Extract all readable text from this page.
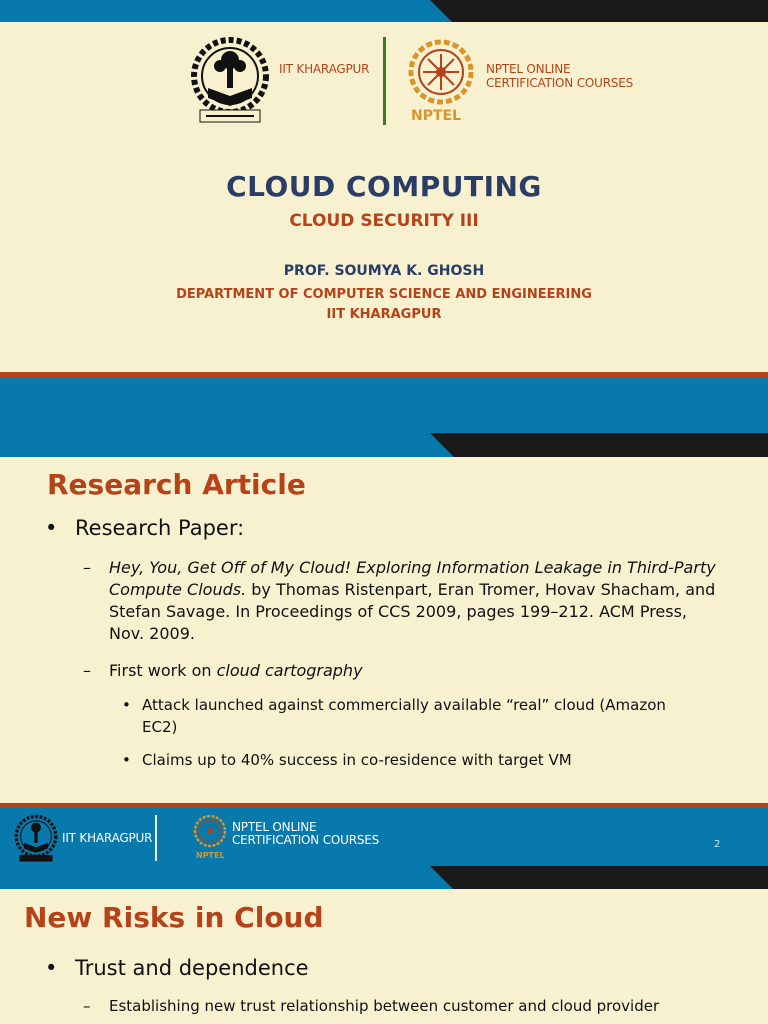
IIT KHARAGPUR
NPTEL
NPTEL ONLINE
CERTIFICATION COURSES
CLOUD COMPUTING
CLOUD SECURITY III
PROF. SOUMYA K. GHOSH
DEPARTMENT OF COMPUTER SCIENCE AND ENGINEERING
IIT KHARAGPUR
Research Article
• Research Paper:
– Hey, You, Get Off of My Cloud! Exploring Information Leakage in Third-Party Compute Clouds. by Thomas Ristenpart, Eran Tromer, Hovav Shacham, and Stefan Savage. In Proceedings of CCS 2009, pages 199–212. ACM Press, Nov. 2009.
– First work on cloud cartography
• Attack launched against commercially available “real” cloud (Amazon EC2)
• Claims up to 40% success in co-residence with target VM
IIT KHARAGPUR
NPTEL
NPTEL ONLINE
CERTIFICATION COURSES	2
New Risks in Cloud
• Trust and dependence
– Establishing new trust relationship between customer and cloud provider
